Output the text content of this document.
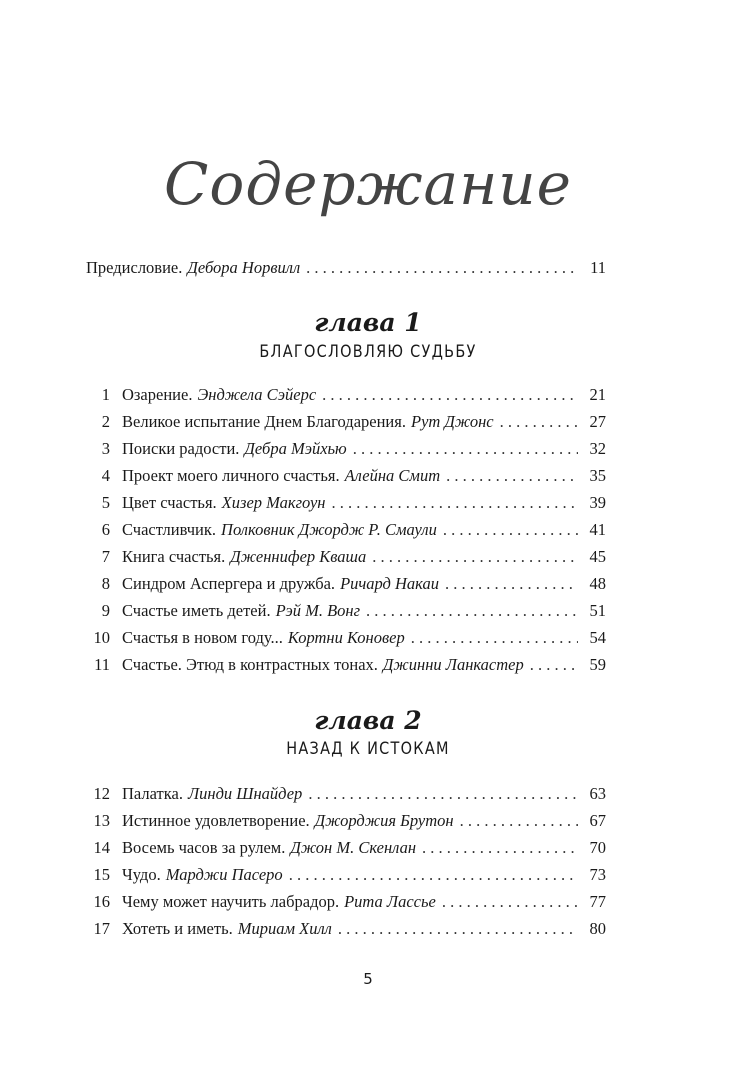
Содержание
Предисловие. Дебора Норвилл . . .	11
глава 1
БЛАГОСЛОВЛЯЮ СУДЬБУ
1 Озарение. Энджела Сэйерс . . .	21
2 Великое испытание Днем Благодарения. Рут Джонс . . .	27
3 Поиски радости. Дебра Мэйхью . . .	32
4 Проект моего личного счастья. Алейна Смит . . .	35
5 Цвет счастья. Хизер Макгоун . . .	39
6 Счастливчик. Полковник Джордж Р. Смаули . . .	41
7 Книга счастья. Дженнифер Кваша . . .	45
8 Синдром Аспергера и дружба. Ричард Накаи . . .	48
9 Счастье иметь детей. Рэй М. Вонг . . .	51
10 Счастья в новом году... Кортни Коновер . . .	54
11 Счастье. Этюд в контрастных тонах. Джинни Ланкастер . . .	59
глава 2
НАЗАД К ИСТОКАМ
12 Палатка. Линди Шнайдер . . .	63
13 Истинное удовлетворение. Джорджия Брутон . . .	67
14 Восемь часов за рулем. Джон М. Скенлан . . .	70
15 Чудо. Марджи Пасеро . . .	73
16 Чему может научить лабрадор. Рита Лассье . . .	77
17 Хотеть и иметь. Мириам Хилл . . .	80
5
